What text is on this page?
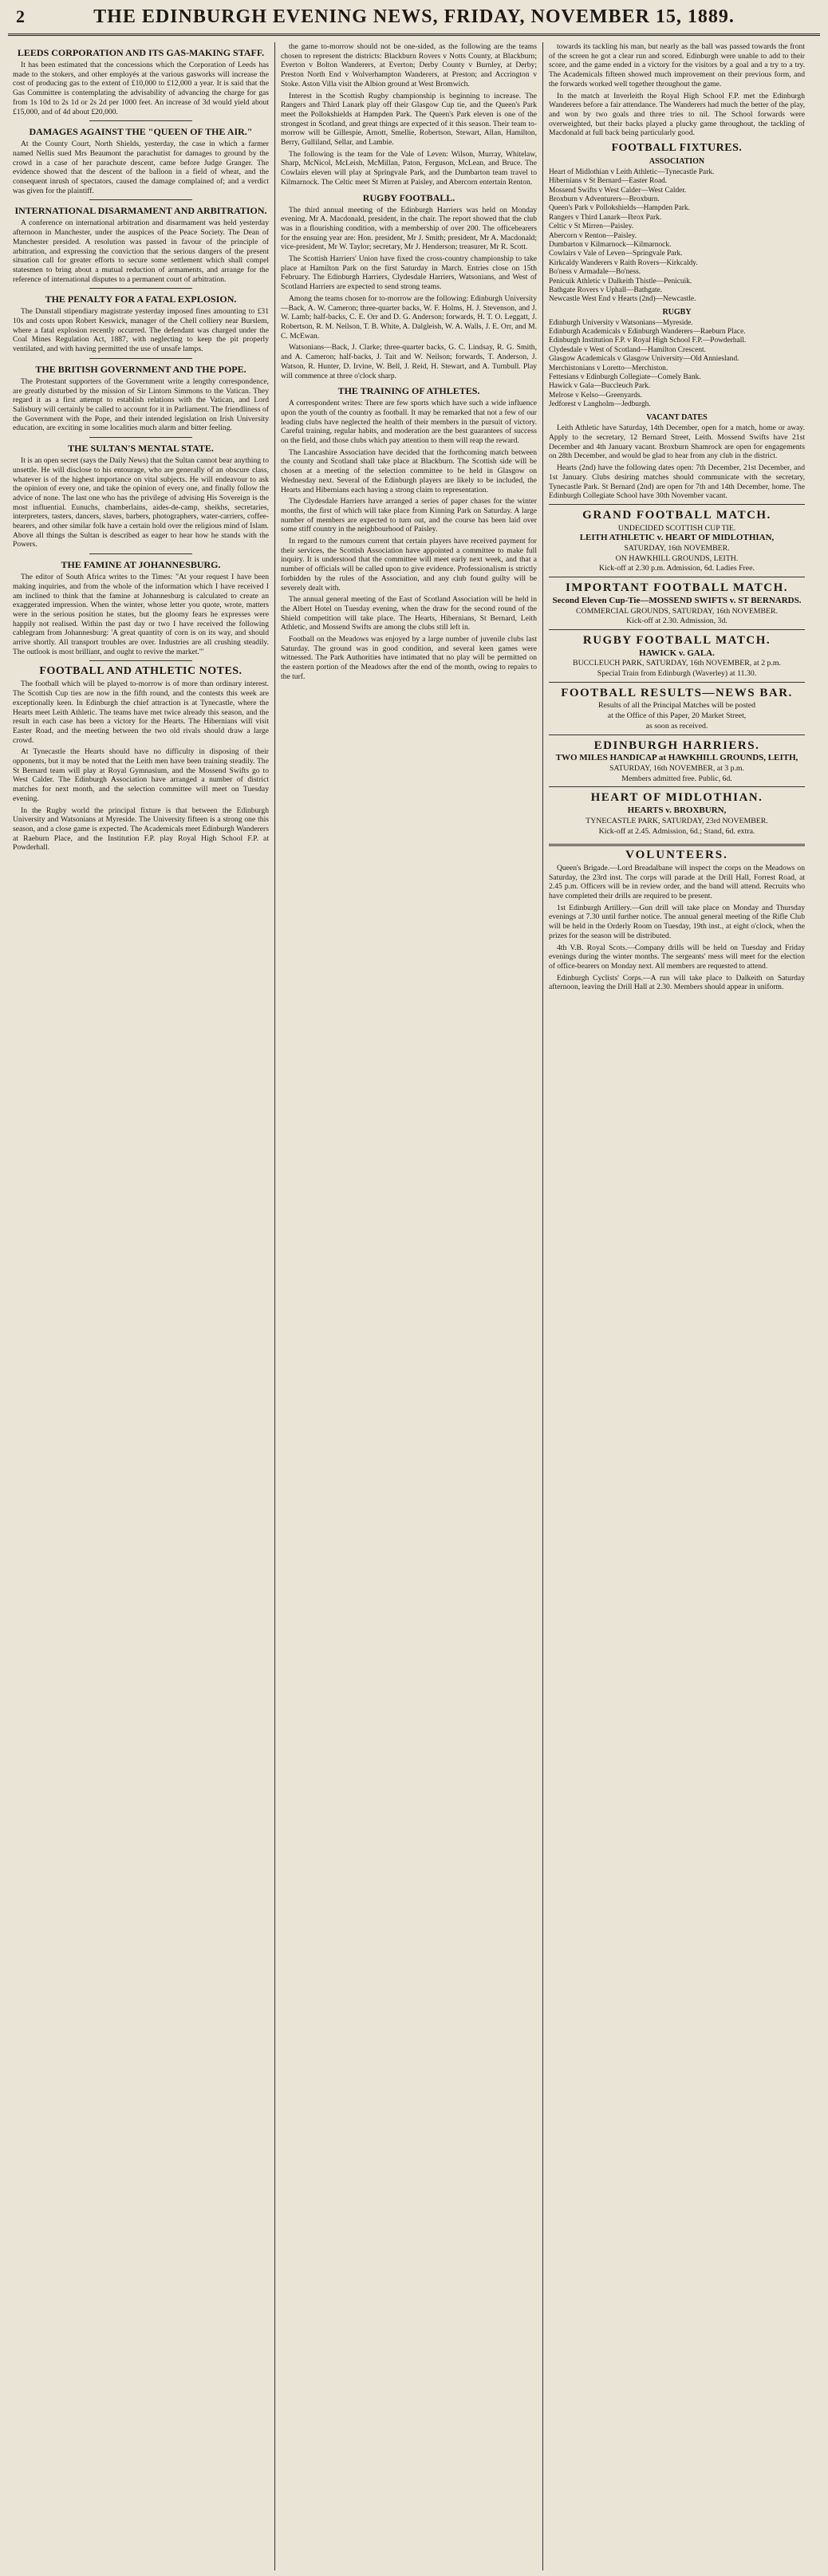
2	THE EDINBURGH EVENING NEWS, FRIDAY, NOVEMBER 15, 1889.
LEEDS CORPORATION AND ITS GAS-MAKING STAFF.

It has been estimated that the concessions which the Corporation of Leeds has made to the stokers, and other employés at the various gasworks will increase the cost of producing gas to the extent of £10,000 to £12,000 a year. It is said that the Gas Committee is contemplating the advisability of advancing the charge for gas from 1s 10d to 2s 1d or 2s 2d per 1000 feet. An increase of 3d would yield about £15,000, and of 4d about £20,000.

DAMAGES AGAINST THE "QUEEN OF THE AIR."

At the County Court, North Shields, yesterday, the case in which a farmer named Nellis sued Mrs Beaumont the parachutist for damages to ground by the crowd in a case of her parachute descent, came before Judge Granger. The evidence showed that the descent of the balloon in a field of wheat, and the consequent inrush of spectators, caused the damage complained of; and a verdict was given for the plaintiff.

INTERNATIONAL DISARMAMENT AND ARBITRATION.

A conference on international arbitration and disarmament was held yesterday afternoon in Manchester, under the auspices of the Peace Society. The Dean of Manchester presided. A resolution was passed in favour of the principle of arbitration, and expressing the conviction that the serious dangers of the present situation call for greater efforts to secure some settlement which shall compel statesmen to bring about a mutual reduction of armaments, and arrange for the reference of international disputes to a permanent court of arbitration.

THE PENALTY FOR A FATAL EXPLOSION.

The Dunstall stipendiary magistrate yesterday imposed fines amounting to £31 10s and costs upon Robert Keswick, manager of the Chell colliery near Burslem, where a fatal explosion recently occurred. The defendant was charged under the Coal Mines Regulation Act, 1887, with neglecting to keep the pit properly ventilated, and with having permitted the use of unsafe lamps.

THE BRITISH GOVERNMENT AND THE POPE.

The Protestant supporters of the Government write a lengthy correspondence, are greatly disturbed by the mission of Sir Lintorn Simmons to the Vatican. They regard it as a first attempt to establish relations with the Vatican, and Lord Salisbury will certainly be called to account for it in Parliament. The friendliness of the Government with the Pope, and their intended legislation on Irish University education, are exciting in some localities much alarm and bitter feeling.

THE SULTAN'S MENTAL STATE.

It is an open secret (says the Daily News) that the Sultan cannot bear anything to unsettle. He will disclose to his entourage, who are generally of an obscure class, whatever is of the highest importance on vital subjects. He will endeavour to ask the opinion of every one, and take the opinion of every one, and finally follow the advice of none. The last one who has the privilege of advising His Sovereign is the most influential. Eunuchs, chamberlains, aides-de-camp, sheikhs, secretaries, interpreters, tasters, dancers, slaves, barbers, photographers, water-carriers, coffee-bearers, and other similar folk have a certain hold over the religious mind of Islam. Above all things the Sultan is described as eager to hear how he stands with the Powers.

THE FAMINE AT JOHANNESBURG.

The editor of South Africa writes to the Times: "At your request I have been making inquiries, and from the whole of the information which I have received I am inclined to think that the famine at Johannesburg is calculated to create an exaggerated impression. When the winter, whose letter you quote, wrote, matters were in the serious position he states, but the gloomy fears he expresses were happily not realised. Within the past day or two I have received the following cablegram from Johannesburg: 'A great quantity of corn is on its way, and should arrive shortly. All transport troubles are over. Industries are all crushing steadily. The outlook is most brilliant, and ought to revive the market.'"

FOOTBALL AND ATHLETIC NOTES.

The football which will be played to-morrow is of more than ordinary interest. The Scottish Cup ties are now in the fifth round, and the contests this week are exceptionally keen. In Edinburgh the chief attraction is at Tynecastle, where the Hearts meet Leith Athletic. The teams have met twice already this season, and the result in each case has been a victory for the Hearts. The Hibernians will visit Easter Road, and the meeting between the two old rivals should draw a large crowd.

At Tynecastle the Hearts should have no difficulty in disposing of their opponents, but it may be noted that the Leith men have been training steadily. The St Bernard team will play at Royal Gymnasium, and the Mossend Swifts go to West Calder. The Edinburgh Association have arranged a number of district matches for next month, and the selection committee will meet on Tuesday evening.

In the Rugby world the principal fixture is that between the Edinburgh University and Watsonians at Myreside. The University fifteen is a strong one this season, and a close game is expected. The Academicals meet Edinburgh Wanderers at Raeburn Place, and the Institution F.P. play Royal High School F.P. at Powderhall.

the game to-morrow should not be one-sided, as the following are the teams chosen to represent the districts: Blackburn Rovers v Notts County, at Blackburn; Everton v Bolton Wanderers, at Everton; Derby County v Burnley, at Derby; Preston North End v Wolverhampton Wanderers, at Preston; and Accrington v Stoke. Aston Villa visit the Albion ground at West Bromwich.

Interest in the Scottish Rugby championship is beginning to increase. The Rangers and Third Lanark play off their Glasgow Cup tie, and the Queen's Park meet the Pollokshields at Hampden Park. The Queen's Park eleven is one of the strongest in Scotland, and great things are expected of it this season. Their team to-morrow will be Gillespie, Arnott, Smellie, Robertson, Stewart, Allan, Hamilton, Berry, Gulliland, Sellar, and Lambie.

The following is the team for the Vale of Leven: Wilson, Murray, Whitelaw, Sharp, McNicol, McLeish, McMillan, Paton, Ferguson, McLean, and Bruce. The Cowlairs eleven will play at Springvale Park, and the Dumbarton team travel to Kilmarnock. The Celtic meet St Mirren at Paisley, and Abercorn entertain Renton.

RUGBY FOOTBALL.

The third annual meeting of the Edinburgh Harriers was held on Monday evening. Mr A. Macdonald, president, in the chair. The report showed that the club was in a flourishing condition, with a membership of over 200. The officebearers for the ensuing year are: Hon. president, Mr J. Smith; president, Mr A. Macdonald; vice-president, Mr W. Taylor; secretary, Mr J. Henderson; treasurer, Mr R. Scott.

The Scottish Harriers' Union have fixed the cross-country championship to take place at Hamilton Park on the first Saturday in March. Entries close on 15th February. The Edinburgh Harriers, Clydesdale Harriers, Watsonians, and West of Scotland Harriers are expected to send strong teams.

Among the teams chosen for to-morrow are the following: Edinburgh University—Back, A. W. Cameron; three-quarter backs, W. F. Holms, H. J. Stevenson, and J. W. Lamb; half-backs, C. E. Orr and D. G. Anderson; forwards, H. T. O. Leggatt, J. Robertson, R. M. Neilson, T. B. White, A. Dalgleish, W. A. Walls, J. E. Orr, and M. C. McEwan.

Watsonians—Back, J. Clarke; three-quarter backs, G. C. Lindsay, R. G. Smith, and A. Cameron; half-backs, J. Tait and W. Neilson; forwards, T. Anderson, J. Watson, R. Hunter, D. Irvine, W. Bell, J. Reid, H. Stewart, and A. Turnbull. Play will commence at three o'clock sharp.

THE TRAINING OF ATHLETES.

A correspondent writes: There are few sports which have such a wide influence upon the youth of the country as football. It may be remarked that not a few of our leading clubs have neglected the health of their members in the pursuit of victory. Careful training, regular habits, and moderation are the best guarantees of success on the field, and those clubs which pay attention to them will reap the reward.

The Lancashire Association have decided that the forthcoming match between the county and Scotland shall take place at Blackburn. The Scottish side will be chosen at a meeting of the selection committee to be held in Glasgow on Wednesday next. Several of the Edinburgh players are likely to be included, the Hearts and Hibernians each having a strong claim to representation.

The Clydesdale Harriers have arranged a series of paper chases for the winter months, the first of which will take place from Kinning Park on Saturday. A large number of members are expected to turn out, and the course has been laid over some stiff country in the neighbourhood of Paisley.

In regard to the rumours current that certain players have received payment for their services, the Scottish Association have appointed a committee to make full inquiry. It is understood that the committee will meet early next week, and that a number of officials will be called upon to give evidence. Professionalism is strictly forbidden by the rules of the Association, and any club found guilty will be severely dealt with.

The annual general meeting of the East of Scotland Association will be held in the Albert Hotel on Tuesday evening, when the draw for the second round of the Shield competition will take place. The Hearts, Hibernians, St Bernard, Leith Athletic, and Mossend Swifts are among the clubs still left in.

Football on the Meadows was enjoyed by a large number of juvenile clubs last Saturday. The ground was in good condition, and several keen games were witnessed. The Park Authorities have intimated that no play will be permitted on the eastern portion of the Meadows after the end of the month, owing to repairs to the turf.

towards its tackling his man, but nearly as the ball was passed towards the front of the screen he got a clear run and scored. Edinburgh were unable to add to their score, and the game ended in a victory for the visitors by a goal and a try to a try. The Academicals fifteen showed much improvement on their previous form, and the forwards worked well together throughout the game.

In the match at Inverleith the Royal High School F.P. met the Edinburgh Wanderers before a fair attendance. The Wanderers had much the better of the play, and won by two goals and three tries to nil. The School forwards were overweighted, but their backs played a plucky game throughout, the tackling of Macdonald at full back being particularly good.

FOOTBALL FIXTURES.
ASSOCIATION

Heart of Midlothian v Leith Athletic—Tynecastle Park.

Hibernians v St Bernard—Easter Road.

Mossend Swifts v West Calder—West Calder.

Broxburn v Adventurers—Broxburn.

Queen's Park v Pollokshields—Hampden Park.

Rangers v Third Lanark—Ibrox Park.

Celtic v St Mirren—Paisley.

Abercorn v Renton—Paisley.

Dumbarton v Kilmarnock—Kilmarnock.

Cowlairs v Vale of Leven—Springvale Park.

Kirkcaldy Wanderers v Raith Rovers—Kirkcaldy.

Bo'ness v Armadale—Bo'ness.

Penicuik Athletic v Dalkeith Thistle—Penicuik.

Bathgate Rovers v Uphall—Bathgate.

Newcastle West End v Hearts (2nd)—Newcastle.

RUGBY

Edinburgh University v Watsonians—Myreside.

Edinburgh Academicals v Edinburgh Wanderers—Raeburn Place.

Edinburgh Institution F.P. v Royal High School F.P.—Powderhall.

Clydesdale v West of Scotland—Hamilton Crescent.

Glasgow Academicals v Glasgow University—Old Anniesland.

Merchistonians v Loretto—Merchiston.

Fettesians v Edinburgh Collegiate—Comely Bank.

Hawick v Gala—Buccleuch Park.

Melrose v Kelso—Greenyards.

Jedforest v Langholm—Jedburgh.

VACANT DATES

Leith Athletic have Saturday, 14th December, open for a match, home or away. Apply to the secretary, 12 Bernard Street, Leith. Mossend Swifts have 21st December and 4th January vacant. Broxburn Shamrock are open for engagements on 28th December, and would be glad to hear from any club in the district.

Hearts (2nd) have the following dates open: 7th December, 21st December, and 1st January. Clubs desiring matches should communicate with the secretary, Tynecastle Park. St Bernard (2nd) are open for 7th and 14th December, home. The Edinburgh Collegiate School have 30th November vacant.

GRAND FOOTBALL MATCH.
UNDECIDED SCOTTISH CUP TIE.
LEITH ATHLETIC v. HEART OF MIDLOTHIAN,
SATURDAY, 16th NOVEMBER.
ON HAWKHILL GROUNDS, LEITH.
Kick-off at 2.30 p.m. Admission, 6d. Ladies Free.
IMPORTANT FOOTBALL MATCH.
Second Eleven Cup-Tie—MOSSEND SWIFTS v. ST BERNARDS.
COMMERCIAL GROUNDS, SATURDAY, 16th NOVEMBER.
Kick-off at 2.30. Admission, 3d.
RUGBY FOOTBALL MATCH.
HAWICK v. GALA.
BUCCLEUCH PARK, SATURDAY, 16th NOVEMBER, at 2 p.m.
Special Train from Edinburgh (Waverley) at 11.30.
FOOTBALL RESULTS—NEWS BAR.
Results of all the Principal Matches will be posted
at the Office of this Paper, 20 Market Street,
as soon as received.
EDINBURGH HARRIERS.
TWO MILES HANDICAP at HAWKHILL GROUNDS, LEITH,
SATURDAY, 16th NOVEMBER, at 3 p.m.
Members admitted free. Public, 6d.
HEART OF MIDLOTHIAN.
HEARTS v. BROXBURN,
TYNECASTLE PARK, SATURDAY, 23rd NOVEMBER.
Kick-off at 2.45. Admission, 6d.; Stand, 6d. extra.
VOLUNTEERS.

Queen's Brigade.—Lord Breadalbane will inspect the corps on the Meadows on Saturday, the 23rd inst. The corps will parade at the Drill Hall, Forrest Road, at 2.45 p.m. Officers will be in review order, and the band will attend. Recruits who have completed their drills are required to be present.

1st Edinburgh Artillery.—Gun drill will take place on Monday and Thursday evenings at 7.30 until further notice. The annual general meeting of the Rifle Club will be held in the Orderly Room on Tuesday, 19th inst., at eight o'clock, when the prizes for the season will be distributed.

4th V.B. Royal Scots.—Company drills will be held on Tuesday and Friday evenings during the winter months. The sergeants' mess will meet for the election of office-bearers on Monday next. All members are requested to attend.

Edinburgh Cyclists' Corps.—A run will take place to Dalkeith on Saturday afternoon, leaving the Drill Hall at 2.30. Members should appear in uniform.
